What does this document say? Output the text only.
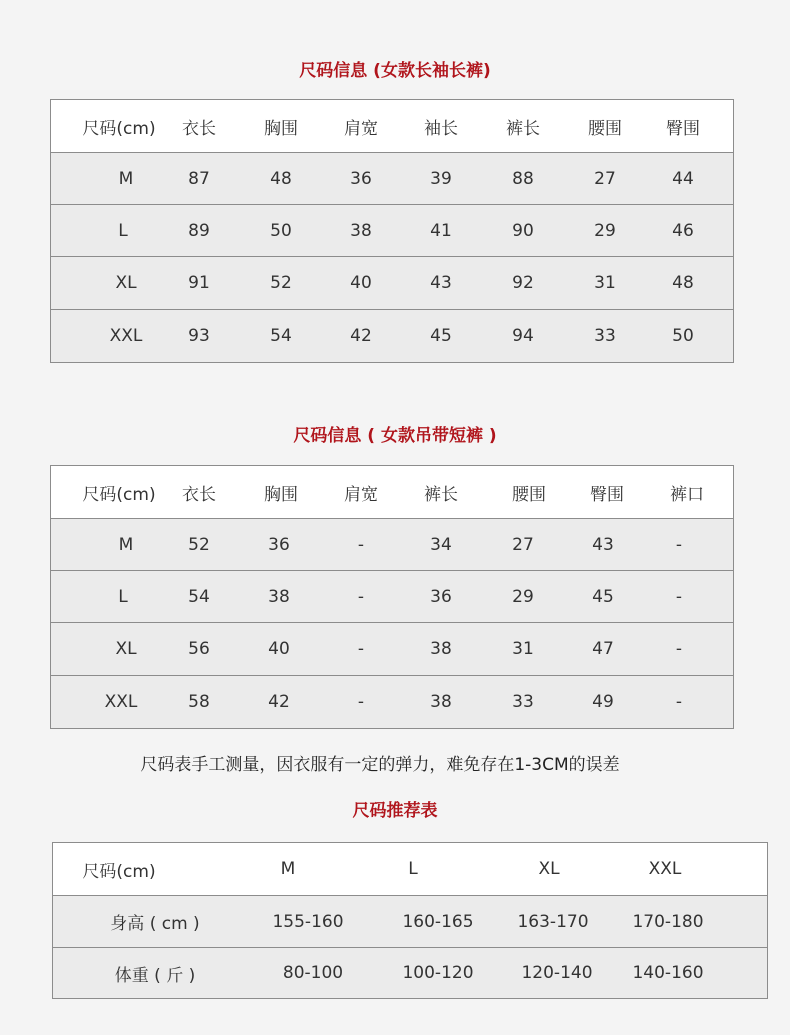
尺码信息 (女款长袖长裤)
尺码(cm)	衣长	胸围	肩宽	袖长	裤长	腰围	臀围
M	87	48	36	39	88	27	44
L	89	50	38	41	90	29	46
XL	91	52	40	43	92	31	48
XXL	93	54	42	45	94	33	50
尺码信息 ( 女款吊带短裤 )
尺码(cm)	衣长	胸围	肩宽	裤长	腰围	臀围	裤口
M	52	36	-	34	27	43	-
L	54	38	-	36	29	45	-
XL	56	40	-	38	31	47	-
XXL	58	42	-	38	33	49	-

尺码表手工测量，因衣服有一定的弹力，难免存在1-3CM的误差

尺码推荐表
尺码(cm)	M	L	XL	XXL
身高 ( cm )	155-160	160-165	163-170	170-180
体重 ( 斤 )	80-100	100-120	120-140	140-160
